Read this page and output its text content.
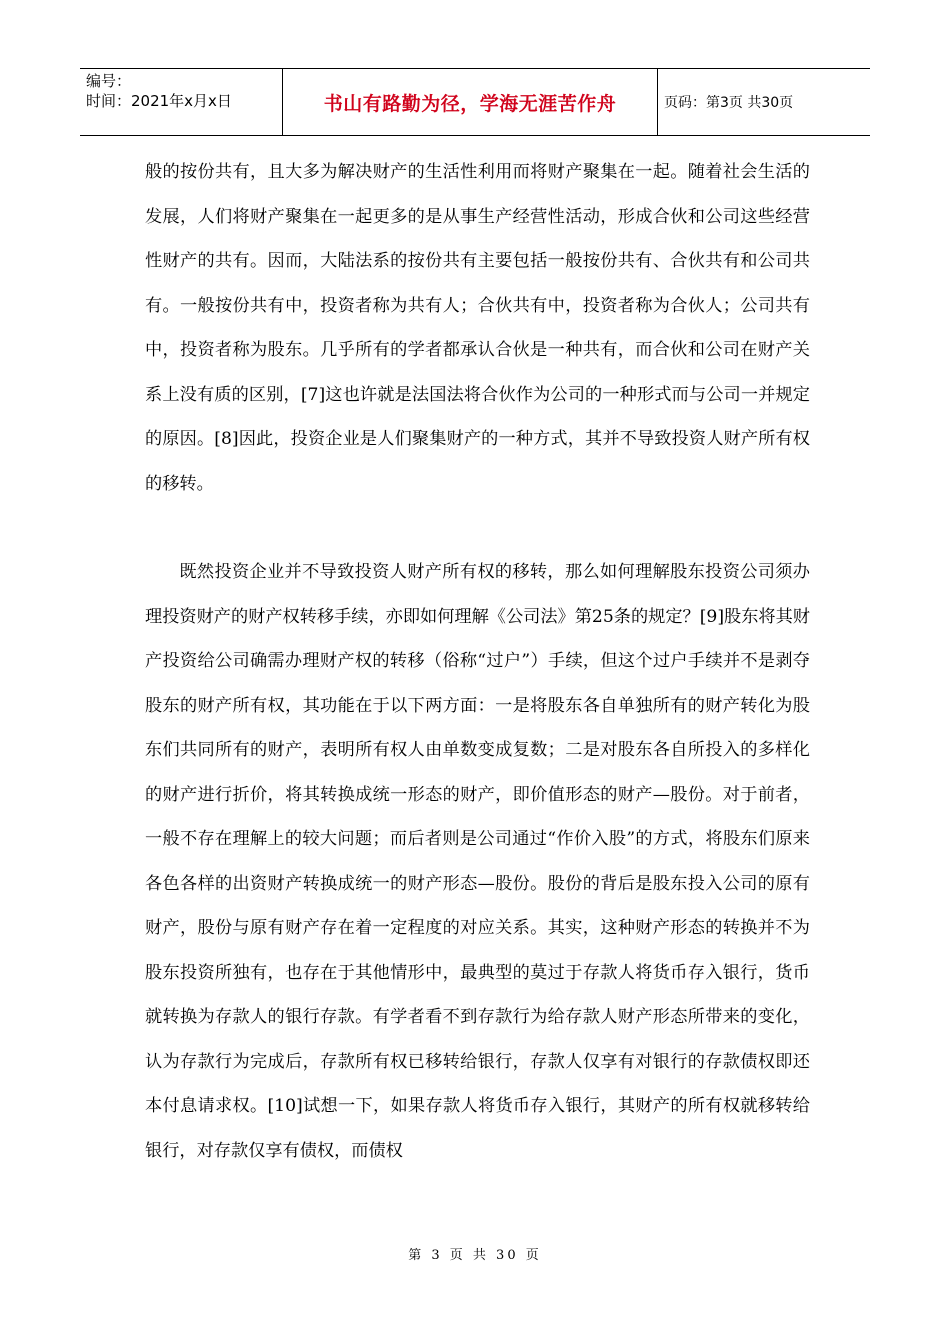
编号：
时间：2021年x月x日	书山有路勤为径，学海无涯苦作舟	页码：第3页 共30页

般的按份共有，且大多为解决财产的生活性利用而将财产聚集在一起。随着社会生活的发展，人们将财产聚集在一起更多的是从事生产经营性活动，形成合伙和公司这些经营性财产的共有。因而，大陆法系的按份共有主要包括一般按份共有、合伙共有和公司共有。一般按份共有中，投资者称为共有人；合伙共有中，投资者称为合伙人；公司共有中，投资者称为股东。几乎所有的学者都承认合伙是一种共有，而合伙和公司在财产关系上没有质的区别，[7]这也许就是法国法将合伙作为公司的一种形式而与公司一并规定的原因。[8]因此，投资企业是人们聚集财产的一种方式，其并不导致投资人财产所有权的移转。

既然投资企业并不导致投资人财产所有权的移转，那么如何理解股东投资公司须办理投资财产的财产权转移手续，亦即如何理解《公司法》第25条的规定？[9]股东将其财产投资给公司确需办理财产权的转移（俗称“过户”）手续，但这个过户手续并不是剥夺股东的财产所有权，其功能在于以下两方面：一是将股东各自单独所有的财产转化为股东们共同所有的财产，表明所有权人由单数变成复数；二是对股东各自所投入的多样化的财产进行折价，将其转换成统一形态的财产，即价值形态的财产—股份。对于前者，一般不存在理解上的较大问题；而后者则是公司通过“作价入股”的方式，将股东们原来各色各样的出资财产转换成统一的财产形态—股份。股份的背后是股东投入公司的原有财产，股份与原有财产存在着一定程度的对应关系。其实，这种财产形态的转换并不为股东投资所独有，也存在于其他情形中，最典型的莫过于存款人将货币存入银行，货币就转换为存款人的银行存款。有学者看不到存款行为给存款人财产形态所带来的变化，认为存款行为完成后，存款所有权已移转给银行，存款人仅享有对银行的存款债权即还本付息请求权。[10]试想一下，如果存款人将货币存入银行，其财产的所有权就移转给银行，对存款仅享有债权，而债权

第 3 页 共 30 页
